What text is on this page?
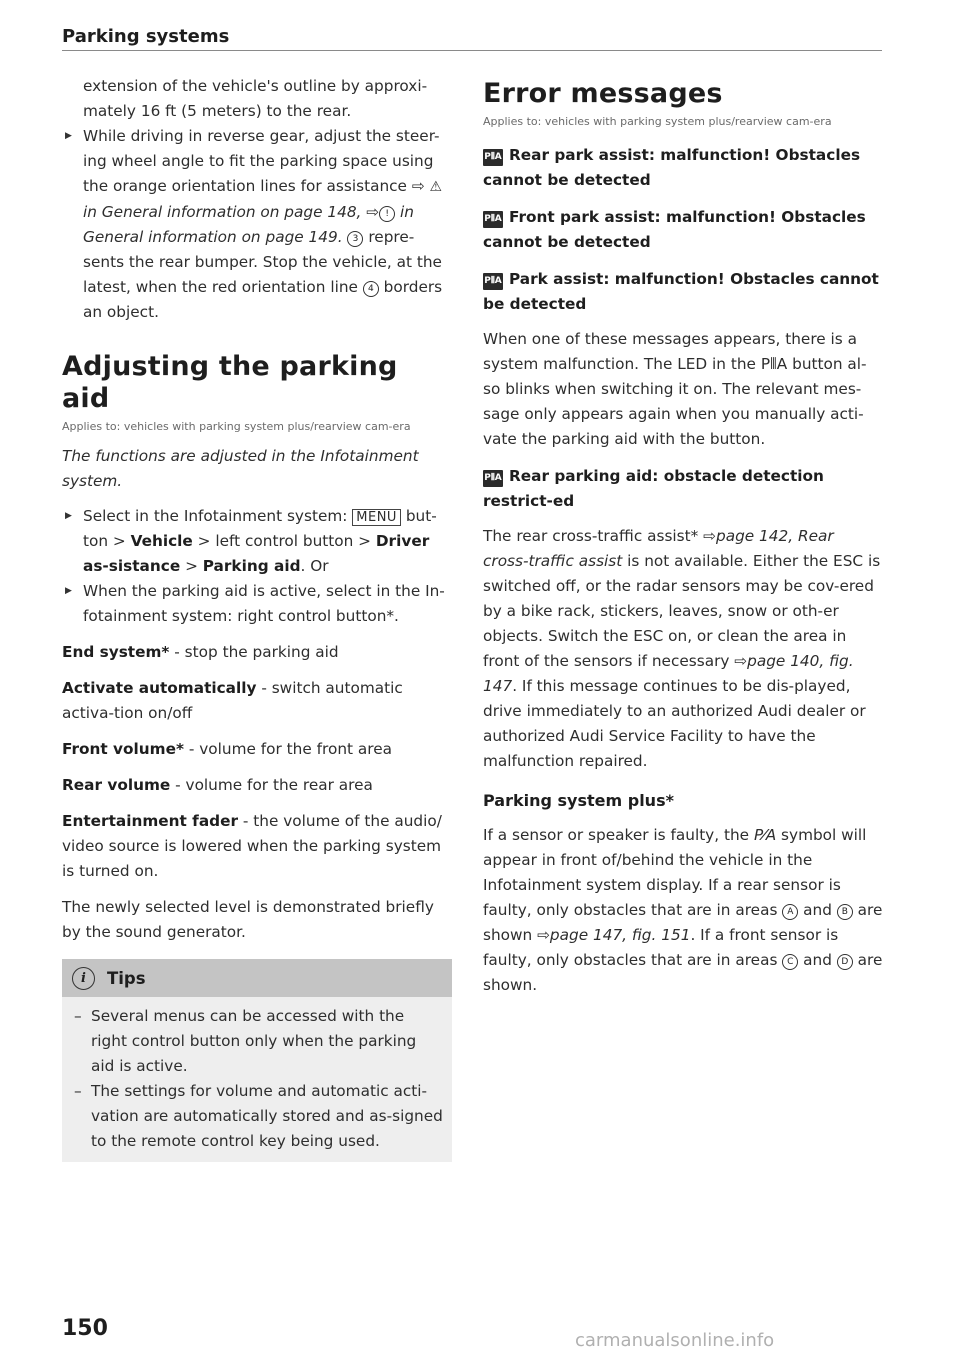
Parking systems

extension of the vehicle's outline by approxi-mately 16 ft (5 meters) to the rear.

▶ While driving in reverse gear, adjust the steer-ing wheel angle to fit the parking space using the orange orientation lines for assistance ⇨ ⚠ in General information on page 148, ⇨ ! in General information on page 149. 3 repre-sents the rear bumper. Stop the vehicle, at the latest, when the red orientation line 4 borders an object.

Adjusting the parking aid

Applies to: vehicles with parking system plus/rearview cam-era

The functions are adjusted in the Infotainment system.

▶ Select in the Infotainment system: MENU but-ton > Vehicle > left control button > Driver as-sistance > Parking aid. Or

▶ When the parking aid is active, select in the In-fotainment system: right control button*.

End system* - stop the parking aid

Activate automatically - switch automatic activa-tion on/off

Front volume* - volume for the front area

Rear volume - volume for the rear area

Entertainment fader - the volume of the audio/ video source is lowered when the parking system is turned on.

The newly selected level is demonstrated briefly by the sound generator.

i	Tips

– Several menus can be accessed with the right control button only when the parking aid is active.

– The settings for volume and automatic acti-vation are automatically stored and as-signed to the remote control key being used.

Error messages

Applies to: vehicles with parking system plus/rearview cam-era

P⦀A Rear park assist: malfunction! Obstacles cannot be detected

P⦀A Front park assist: malfunction! Obstacles cannot be detected

P⦀A Park assist: malfunction! Obstacles cannot be detected

When one of these messages appears, there is a system malfunction. The LED in the P⦀A button al-so blinks when switching it on. The relevant mes-sage only appears again when you manually acti-vate the parking aid with the button.

P⦀A Rear parking aid: obstacle detection restrict-ed

The rear cross-traffic assist* ⇨page 142, Rear cross-traffic assist is not available. Either the ESC is switched off, or the radar sensors may be cov-ered by a bike rack, stickers, leaves, snow or oth-er objects. Switch the ESC on, or clean the area in front of the sensors if necessary ⇨page 140, fig. 147. If this message continues to be dis-played, drive immediately to an authorized Audi dealer or authorized Audi Service Facility to have the malfunction repaired.

Parking system plus*

If a sensor or speaker is faulty, the P⁄A symbol will appear in front of/behind the vehicle in the Infotainment system display. If a rear sensor is faulty, only obstacles that are in areas A and B are shown ⇨page 147, fig. 151. If a front sensor is faulty, only obstacles that are in areas C and D are shown.

150	carmanualsonline.info
